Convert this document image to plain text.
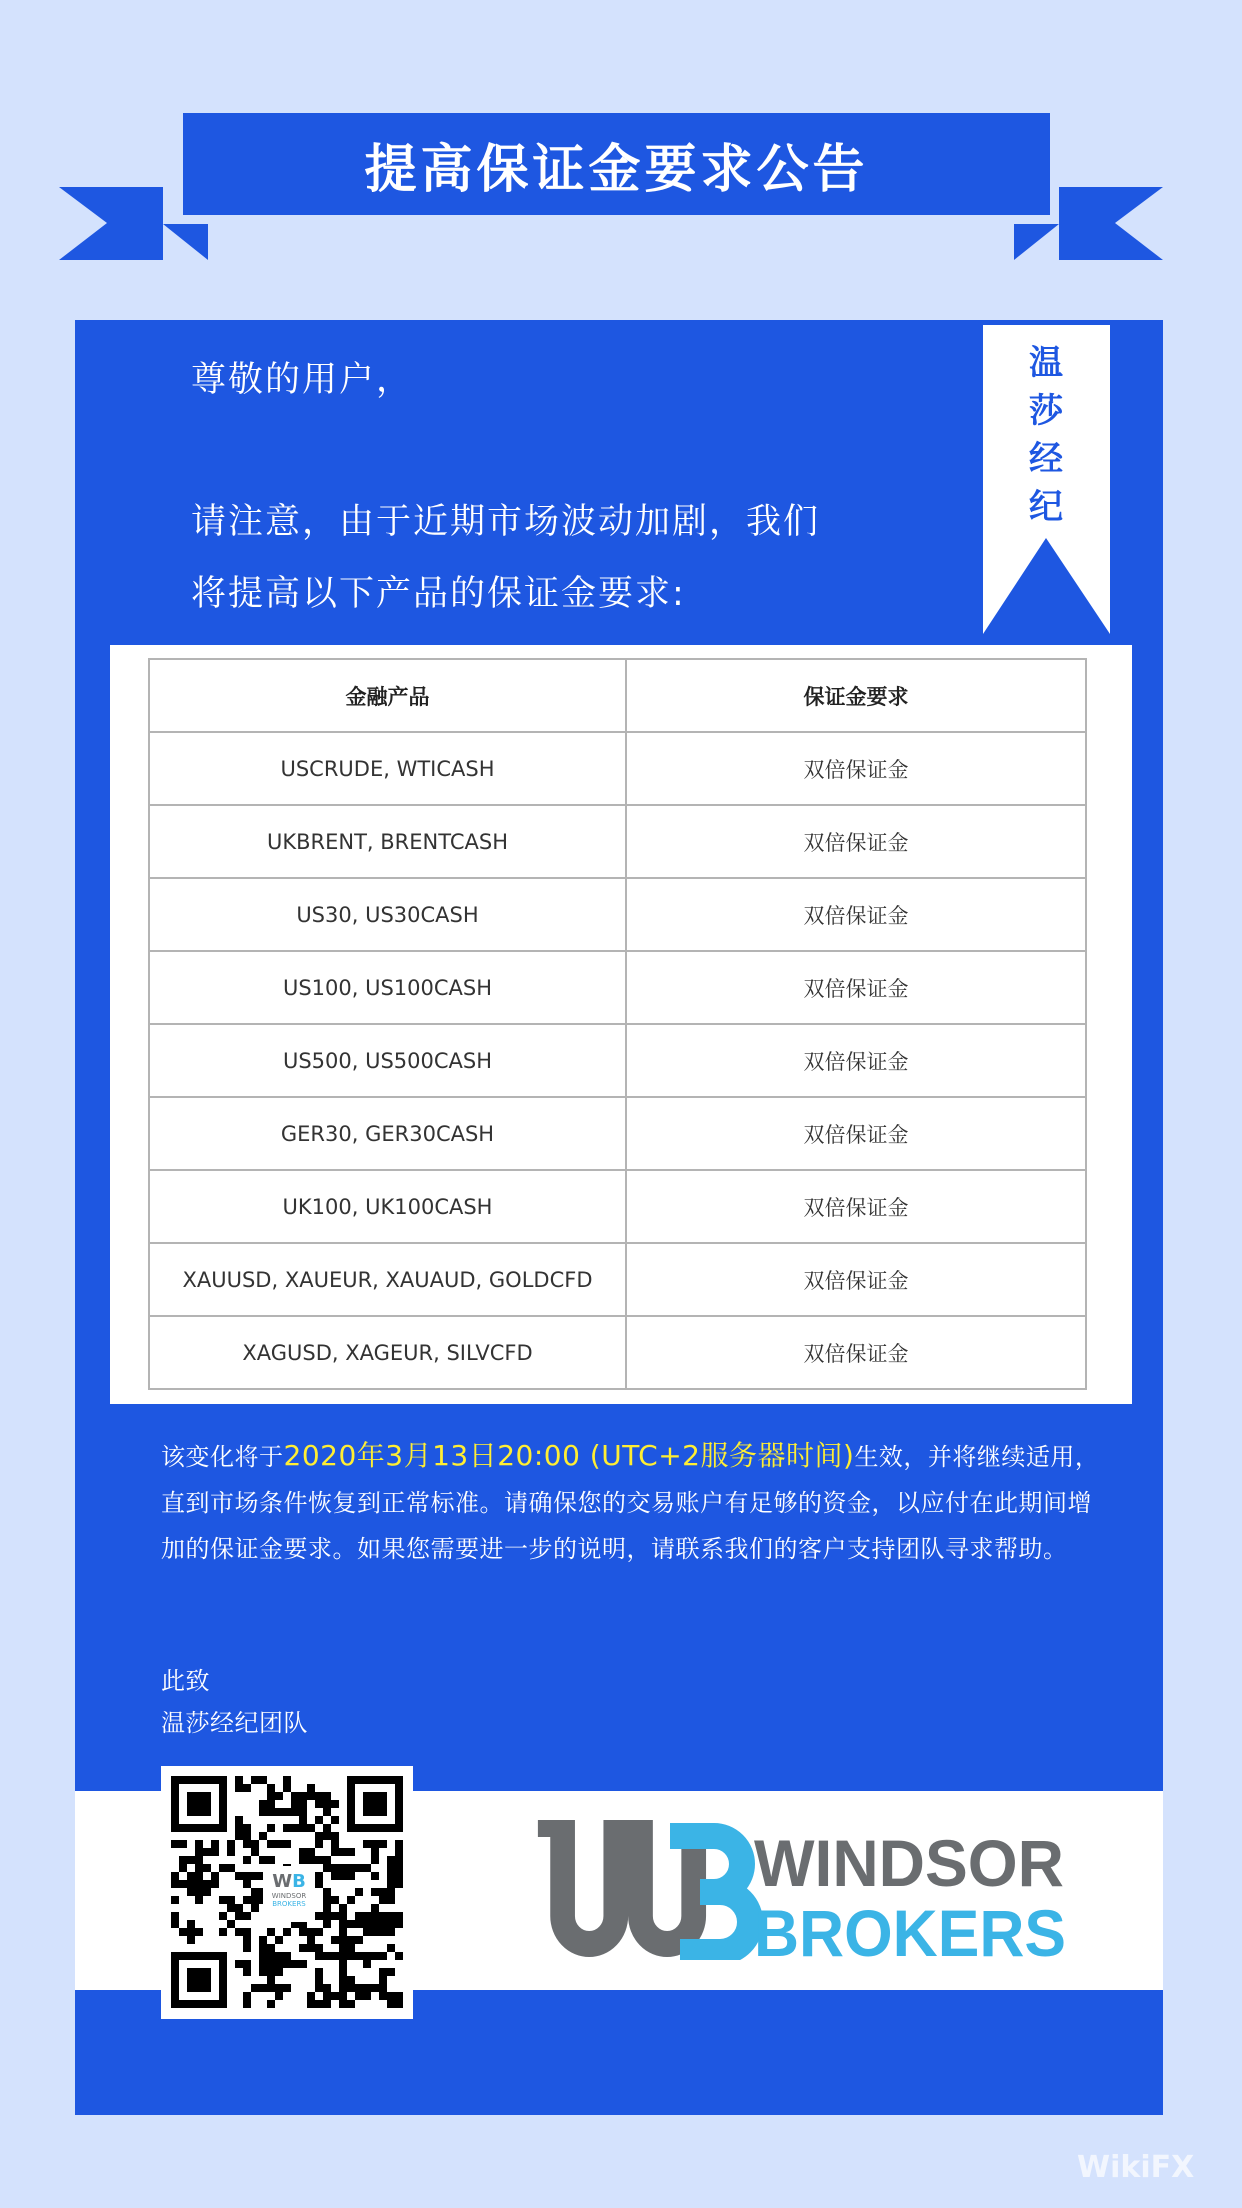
提高保证金要求公告
温莎经纪
尊敬的用户，
请注意，由于近期市场波动加剧，我们
将提高以下产品的保证金要求:
金融产品	保证金要求
USCRUDE, WTICASH	双倍保证金
UKBRENT, BRENTCASH	双倍保证金
US30, US30CASH	双倍保证金
US100, US100CASH	双倍保证金
US500, US500CASH	双倍保证金
GER30, GER30CASH	双倍保证金
UK100, UK100CASH	双倍保证金
XAUUSD, XAUEUR, XAUAUD, GOLDCFD	双倍保证金
XAGUSD, XAGEUR, SILVCFD	双倍保证金
该变化将于2020年3月13日20:00 (UTC+2服务器时间)生效，并将继续适用，直到市场条件恢复到正常标准。请确保您的交易账户有足够的资金，以应付在此期间增加的保证金要求。如果您需要进一步的说明，请联系我们的客户支持团队寻求帮助。
此致
温莎经纪团队
WB
WINDSOR
BROKERS
WINDSOR
BROKERS
WikiFX
